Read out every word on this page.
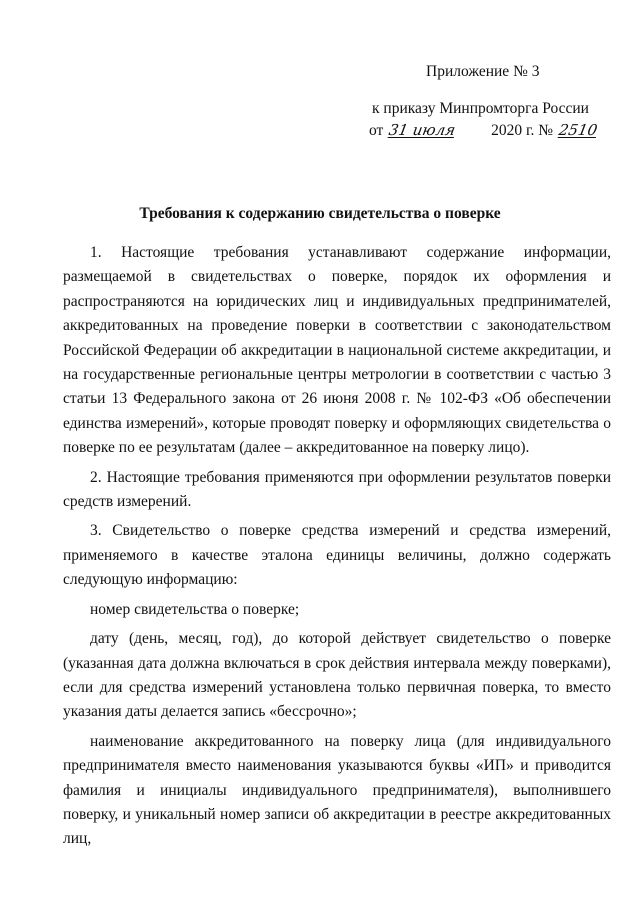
Приложение № 3
к приказу Минпромторга России
от 31 июля 2020 г. № 2510
Требования к содержанию свидетельства о поверке

1. Настоящие требования устанавливают содержание информации, размещаемой в свидетельствах о поверке, порядок их оформления и распространяются на юридических лиц и индивидуальных предпринимателей, аккредитованных на проведение поверки в соответствии с законодательством Российской Федерации об аккредитации в национальной системе аккредитации, и на государственные региональные центры метрологии в соответствии с частью 3 статьи 13 Федерального закона от 26 июня 2008 г. № 102-ФЗ «Об обеспечении единства измерений», которые проводят поверку и оформляющих свидетельства о поверке по ее результатам (далее – аккредитованное на поверку лицо).

2. Настоящие требования применяются при оформлении результатов поверки средств измерений.

3. Свидетельство о поверке средства измерений и средства измерений, применяемого в качестве эталона единицы величины, должно содержать следующую информацию:

номер свидетельства о поверке;

дату (день, месяц, год), до которой действует свидетельство о поверке (указанная дата должна включаться в срок действия интервала между поверками), если для средства измерений установлена только первичная поверка, то вместо указания даты делается запись «бессрочно»;

наименование аккредитованного на поверку лица (для индивидуального предпринимателя вместо наименования указываются буквы «ИП» и приводится фамилия и инициалы индивидуального предпринимателя), выполнившего поверку, и уникальный номер записи об аккредитации в реестре аккредитованных лиц,
